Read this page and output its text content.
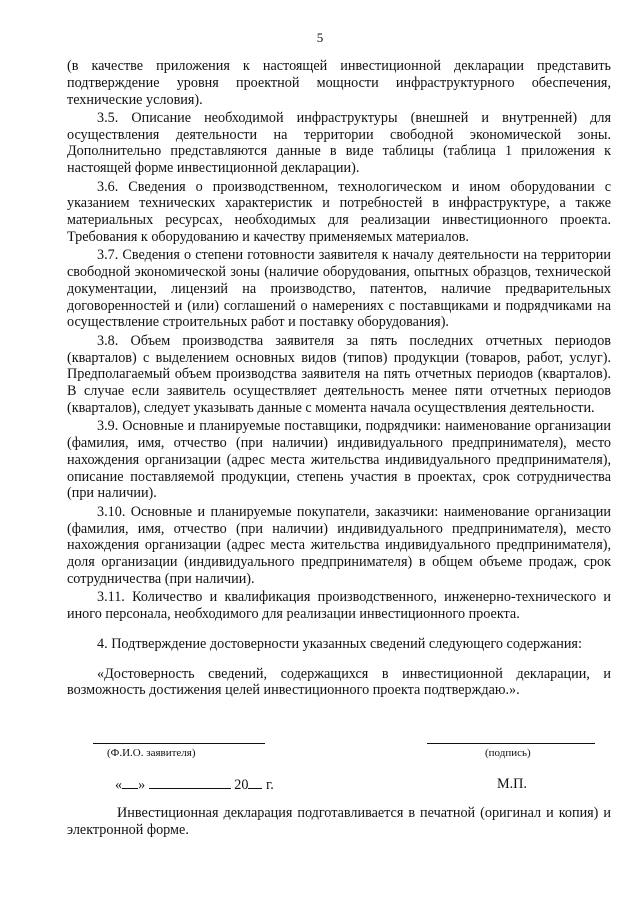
5

(в качестве приложения к настоящей инвестиционной декларации представить подтверждение уровня проектной мощности инфраструктурного обеспечения, технические условия).

3.5. Описание необходимой инфраструктуры (внешней и внутренней) для осуществления деятельности на территории свободной экономической зоны. Дополнительно представляются данные в виде таблицы (таблица 1 приложения к настоящей форме инвестиционной декларации).

3.6. Сведения о производственном, технологическом и ином оборудовании с указанием технических характеристик и потребностей в инфраструктуре, а также материальных ресурсах, необходимых для реализации инвестиционного проекта. Требования к оборудованию и качеству применяемых материалов.

3.7. Сведения о степени готовности заявителя к началу деятельности на территории свободной экономической зоны (наличие оборудования, опытных образцов, технической документации, лицензий на производство, патентов, наличие предварительных договоренностей и (или) соглашений о намерениях с поставщиками и подрядчиками на осуществление строительных работ и поставку оборудования).

3.8. Объем производства заявителя за пять последних отчетных периодов (кварталов) с выделением основных видов (типов) продукции (товаров, работ, услуг). Предполагаемый объем производства заявителя на пять отчетных периодов (кварталов). В случае если заявитель осуществляет деятельность менее пяти отчетных периодов (кварталов), следует указывать данные с момента начала осуществления деятельности.

3.9. Основные и планируемые поставщики, подрядчики: наименование организации (фамилия, имя, отчество (при наличии) индивидуального предпринимателя), место нахождения организации (адрес места жительства индивидуального предпринимателя), описание поставляемой продукции, степень участия в проектах, срок сотрудничества (при наличии).

3.10. Основные и планируемые покупатели, заказчики: наименование организации (фамилия, имя, отчество (при наличии) индивидуального предпринимателя), место нахождения организации (адрес места жительства индивидуального предпринимателя), доля организации (индивидуального предпринимателя) в общем объеме продаж, срок сотрудничества (при наличии).

3.11. Количество и квалификация производственного, инженерно-технического и иного персонала, необходимого для реализации инвестиционного проекта.

4. Подтверждение достоверности указанных сведений следующего содержания:

«Достоверность сведений, содержащихся в инвестиционной декларации, и возможность достижения целей инвестиционного проекта подтверждаю.».

(Ф.И.О. заявителя)	(подпись)
« »	20 г.	М.П.

Инвестиционная декларация подготавливается в печатной (оригинал и копия) и электронной форме.
